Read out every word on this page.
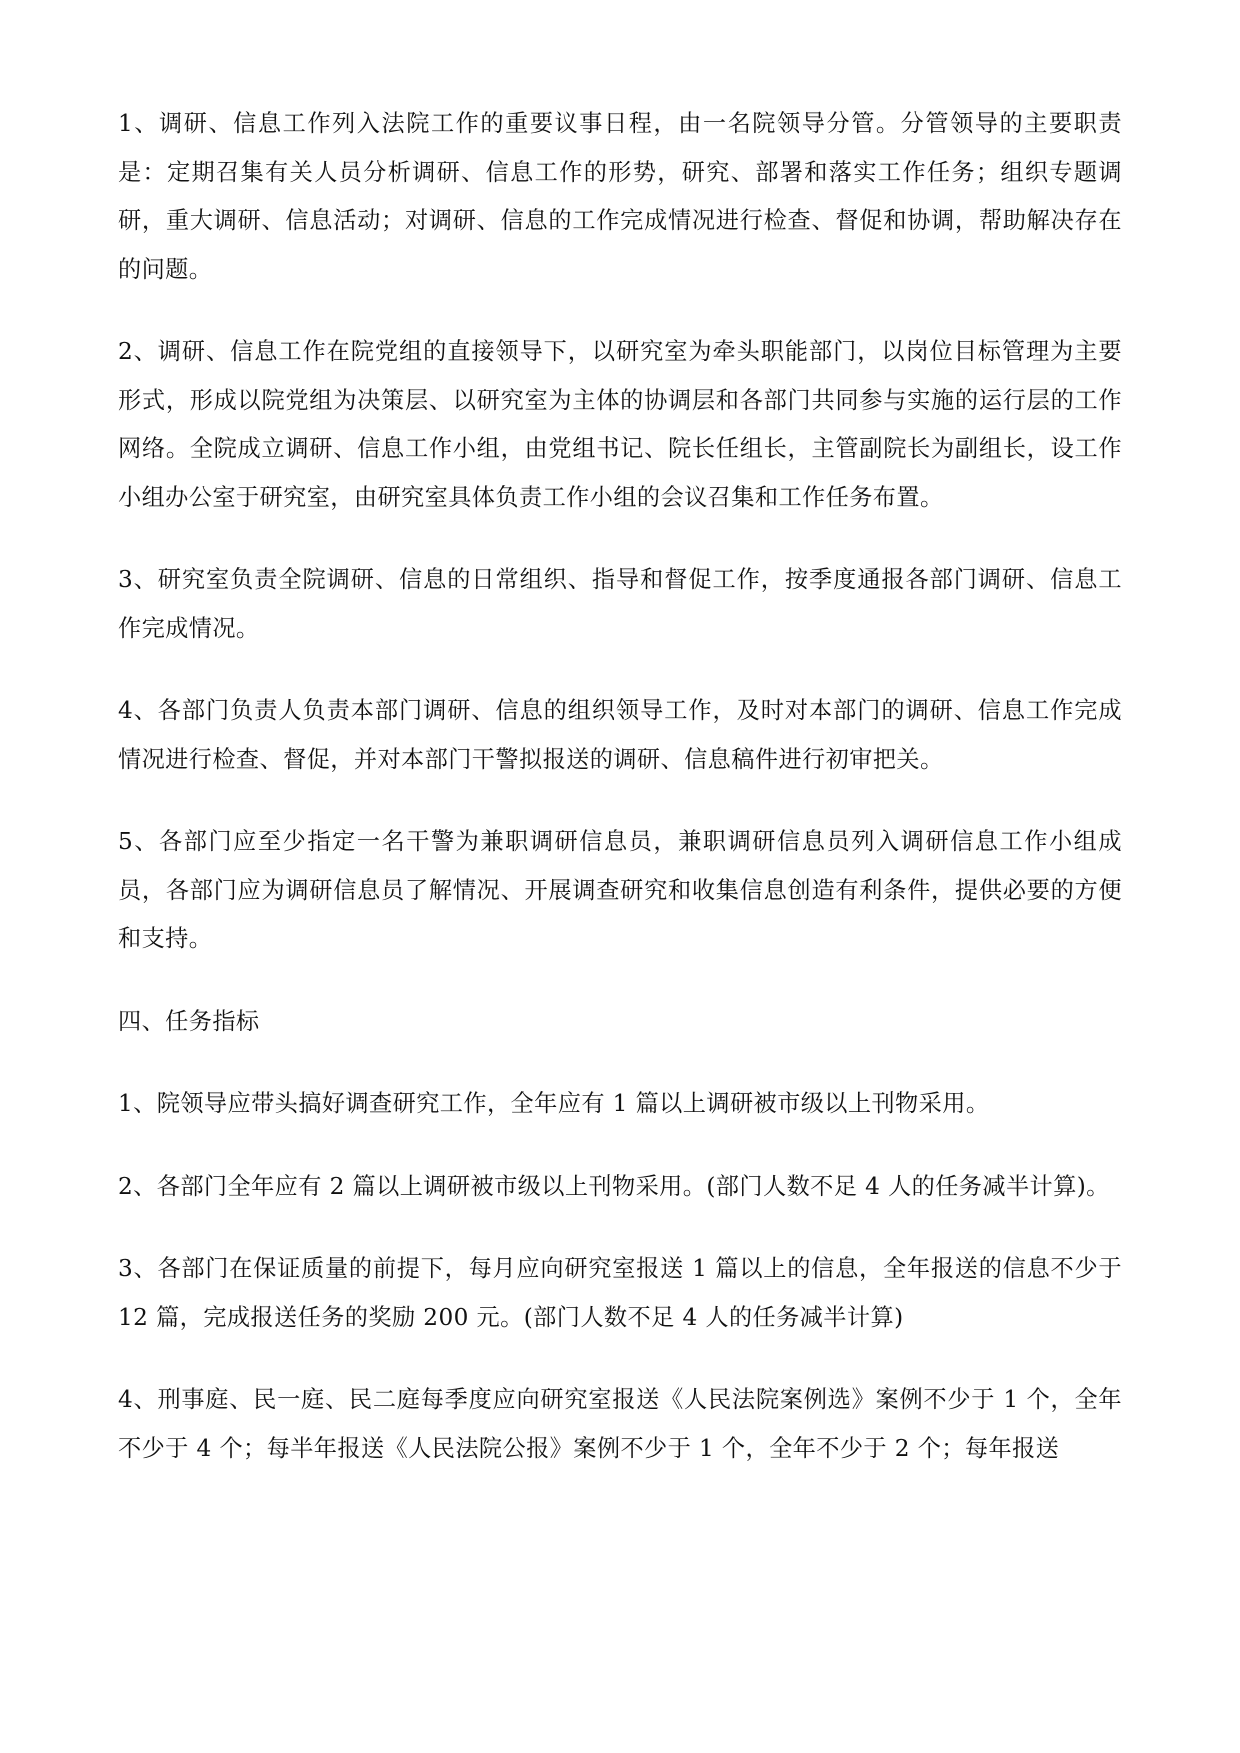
1、调研、信息工作列入法院工作的重要议事日程，由一名院领导分管。分管领导的主要职责是：定期召集有关人员分析调研、信息工作的形势，研究、部署和落实工作任务；组织专题调研，重大调研、信息活动；对调研、信息的工作完成情况进行检查、督促和协调，帮助解决存在的问题。

2、调研、信息工作在院党组的直接领导下，以研究室为牵头职能部门，以岗位目标管理为主要形式，形成以院党组为决策层、以研究室为主体的协调层和各部门共同参与实施的运行层的工作网络。全院成立调研、信息工作小组，由党组书记、院长任组长，主管副院长为副组长，设工作小组办公室于研究室，由研究室具体负责工作小组的会议召集和工作任务布置。

3、研究室负责全院调研、信息的日常组织、指导和督促工作，按季度通报各部门调研、信息工作完成情况。

4、各部门负责人负责本部门调研、信息的组织领导工作，及时对本部门的调研、信息工作完成情况进行检查、督促，并对本部门干警拟报送的调研、信息稿件进行初审把关。

5、各部门应至少指定一名干警为兼职调研信息员，兼职调研信息员列入调研信息工作小组成员，各部门应为调研信息员了解情况、开展调查研究和收集信息创造有利条件，提供必要的方便和支持。

四、任务指标

1、院领导应带头搞好调查研究工作，全年应有 1 篇以上调研被市级以上刊物采用。

2、各部门全年应有 2 篇以上调研被市级以上刊物采用。(部门人数不足 4 人的任务减半计算)。

3、各部门在保证质量的前提下，每月应向研究室报送 1 篇以上的信息，全年报送的信息不少于 12 篇，完成报送任务的奖励 200 元。(部门人数不足 4 人的任务减半计算)

4、刑事庭、民一庭、民二庭每季度应向研究室报送《人民法院案例选》案例不少于 1 个，全年不少于 4 个；每半年报送《人民法院公报》案例不少于 1 个，全年不少于 2 个；每年报送
